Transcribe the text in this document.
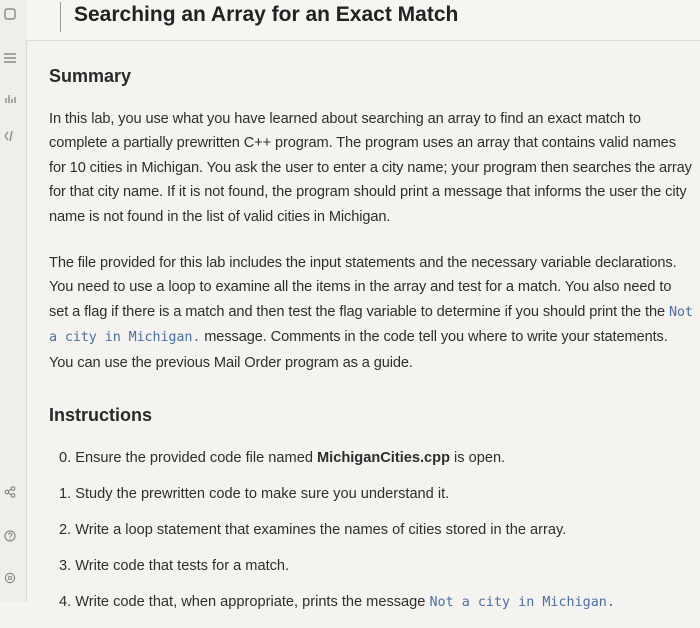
Searching an Array for an Exact Match
Summary

In this lab, you use what you have learned about searching an array to find an exact match to complete a partially prewritten C++ program. The program uses an array that contains valid names for 10 cities in Michigan. You ask the user to enter a city name; your program then searches the array for that city name. If it is not found, the program should print a message that informs the user the city name is not found in the list of valid cities in Michigan.

The file provided for this lab includes the input statements and the necessary variable declarations. You need to use a loop to examine all the items in the array and test for a match. You also need to set a flag if there is a match and then test the flag variable to determine if you should print the the Not a city in Michigan. message. Comments in the code tell you where to write your statements. You can use the previous Mail Order program as a guide.

Instructions
0. Ensure the provided code file named MichiganCities.cpp is open.
1. Study the prewritten code to make sure you understand it.
2. Write a loop statement that examines the names of cities stored in the array.
3. Write code that tests for a match.
4. Write code that, when appropriate, prints the message Not a city in Michigan.
